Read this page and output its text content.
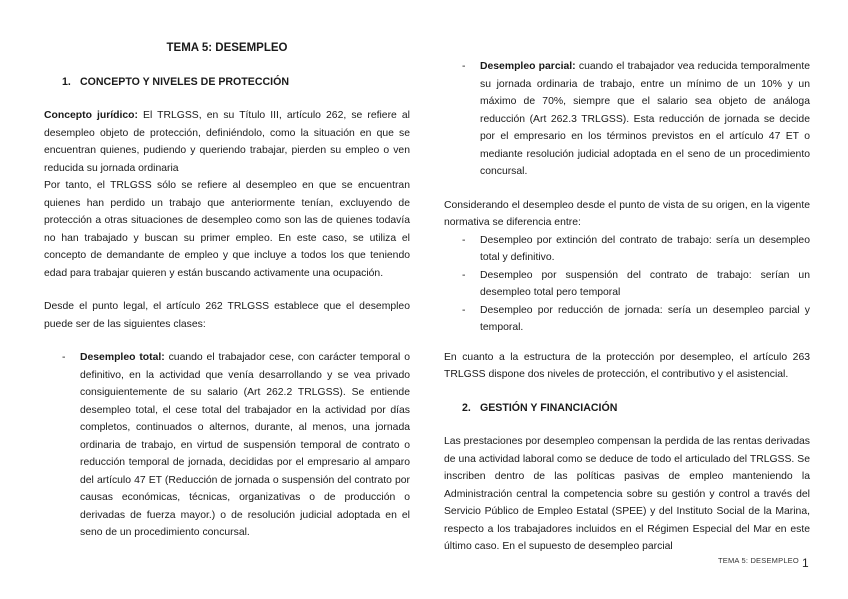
TEMA 5: DESEMPLEO

1. CONCEPTO Y NIVELES DE PROTECCIÓN

Concepto jurídico: El TRLGSS, en su Título III, artículo 262, se refiere al desempleo objeto de protección, definiéndolo, como la situación en que se encuentran quienes, pudiendo y queriendo trabajar, pierden su empleo o ven reducida su jornada ordinaria

Por tanto, el TRLGSS sólo se refiere al desempleo en que se encuentran quienes han perdido un trabajo que anteriormente tenían, excluyendo de protección a otras situaciones de desempleo como son las de quienes todavía no han trabajado y buscan su primer empleo. En este caso, se utiliza el concepto de demandante de empleo y que incluye a todos los que teniendo edad para trabajar quieren y están buscando activamente una ocupación.

Desde el punto legal, el artículo 262 TRLGSS establece que el desempleo puede ser de las siguientes clases:

- Desempleo total: cuando el trabajador cese, con carácter temporal o definitivo, en la actividad que venía desarrollando y se vea privado consiguientemente de su salario (Art 262.2 TRLGSS). Se entiende desempleo total, el cese total del trabajador en la actividad por días completos, continuados o alternos, durante, al menos, una jornada ordinaria de trabajo, en virtud de suspensión temporal de contrato o reducción temporal de jornada, decididas por el empresario al amparo del artículo 47 ET (Reducción de jornada o suspensión del contrato por causas económicas, técnicas, organizativas o de producción o derivadas de fuerza mayor.) o de resolución judicial adoptada en el seno de un procedimiento concursal.
- Desempleo parcial: cuando el trabajador vea reducida temporalmente su jornada ordinaria de trabajo, entre un mínimo de un 10% y un máximo de 70%, siempre que el salario sea objeto de análoga reducción (Art 262.3 TRLGSS). Esta reducción de jornada se decide por el empresario en los términos previstos en el artículo 47 ET o mediante resolución judicial adoptada en el seno de un procedimiento concursal.

Considerando el desempleo desde el punto de vista de su origen, en la vigente normativa se diferencia entre:

- Desempleo por extinción del contrato de trabajo: sería un desempleo total y definitivo.
- Desempleo por suspensión del contrato de trabajo: serían un desempleo total pero temporal
- Desempleo por reducción de jornada: sería un desempleo parcial y temporal.

En cuanto a la estructura de la protección por desempleo, el artículo 263 TRLGSS dispone dos niveles de protección, el contributivo y el asistencial.

2. GESTIÓN Y FINANCIACIÓN

Las prestaciones por desempleo compensan la perdida de las rentas derivadas de una actividad laboral como se deduce de todo el articulado del TRLGSS. Se inscriben dentro de las políticas pasivas de empleo manteniendo la Administración central la competencia sobre su gestión y control a través del Servicio Público de Empleo Estatal (SPEE) y del Instituto Social de la Marina, respecto a los trabajadores incluidos en el Régimen Especial del Mar en este último caso. En el supuesto de desempleo parcial

TEMA 5: DESEMPLEO 1
